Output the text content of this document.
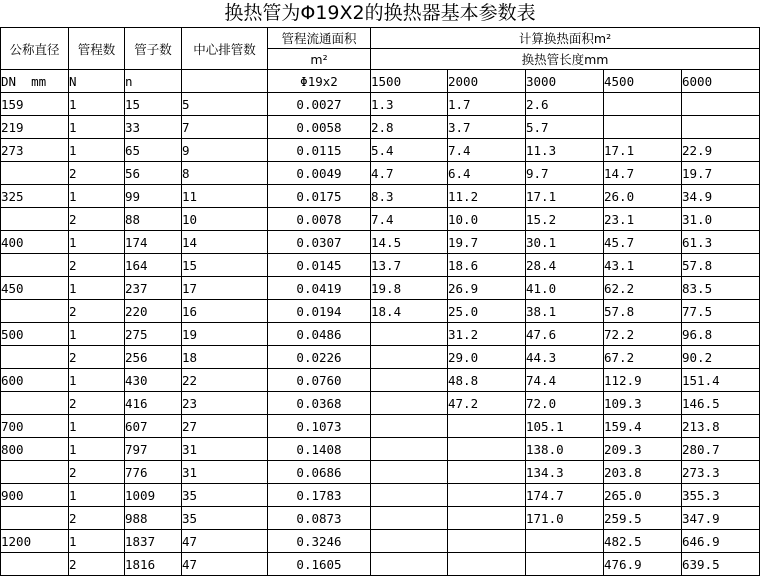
换热管为Φ19X2的换热器基本参数表
公称直径	管程数	管子数	中心排管数	管程流通面积	计算换热面积m²				
				m²	换热管长度mm				
DN  mm	N	n		Φ19x2	1500	2000	3000	4500	6000
159	1	15	5	0.0027	1.3	1.7	2.6		
219	1	33	7	0.0058	2.8	3.7	5.7		
273	1	65	9	0.0115	5.4	7.4	11.3	17.1	22.9
	2	56	8	0.0049	4.7	6.4	9.7	14.7	19.7
325	1	99	11	0.0175	8.3	11.2	17.1	26.0	34.9
	2	88	10	0.0078	7.4	10.0	15.2	23.1	31.0
400	1	174	14	0.0307	14.5	19.7	30.1	45.7	61.3
	2	164	15	0.0145	13.7	18.6	28.4	43.1	57.8
450	1	237	17	0.0419	19.8	26.9	41.0	62.2	83.5
	2	220	16	0.0194	18.4	25.0	38.1	57.8	77.5
500	1	275	19	0.0486		31.2	47.6	72.2	96.8
	2	256	18	0.0226		29.0	44.3	67.2	90.2
600	1	430	22	0.0760		48.8	74.4	112.9	151.4
	2	416	23	0.0368		47.2	72.0	109.3	146.5
700	1	607	27	0.1073			105.1	159.4	213.8
800	1	797	31	0.1408			138.0	209.3	280.7
	2	776	31	0.0686			134.3	203.8	273.3
900	1	1009	35	0.1783			174.7	265.0	355.3
	2	988	35	0.0873			171.0	259.5	347.9
1200	1	1837	47	0.3246				482.5	646.9
	2	1816	47	0.1605				476.9	639.5
